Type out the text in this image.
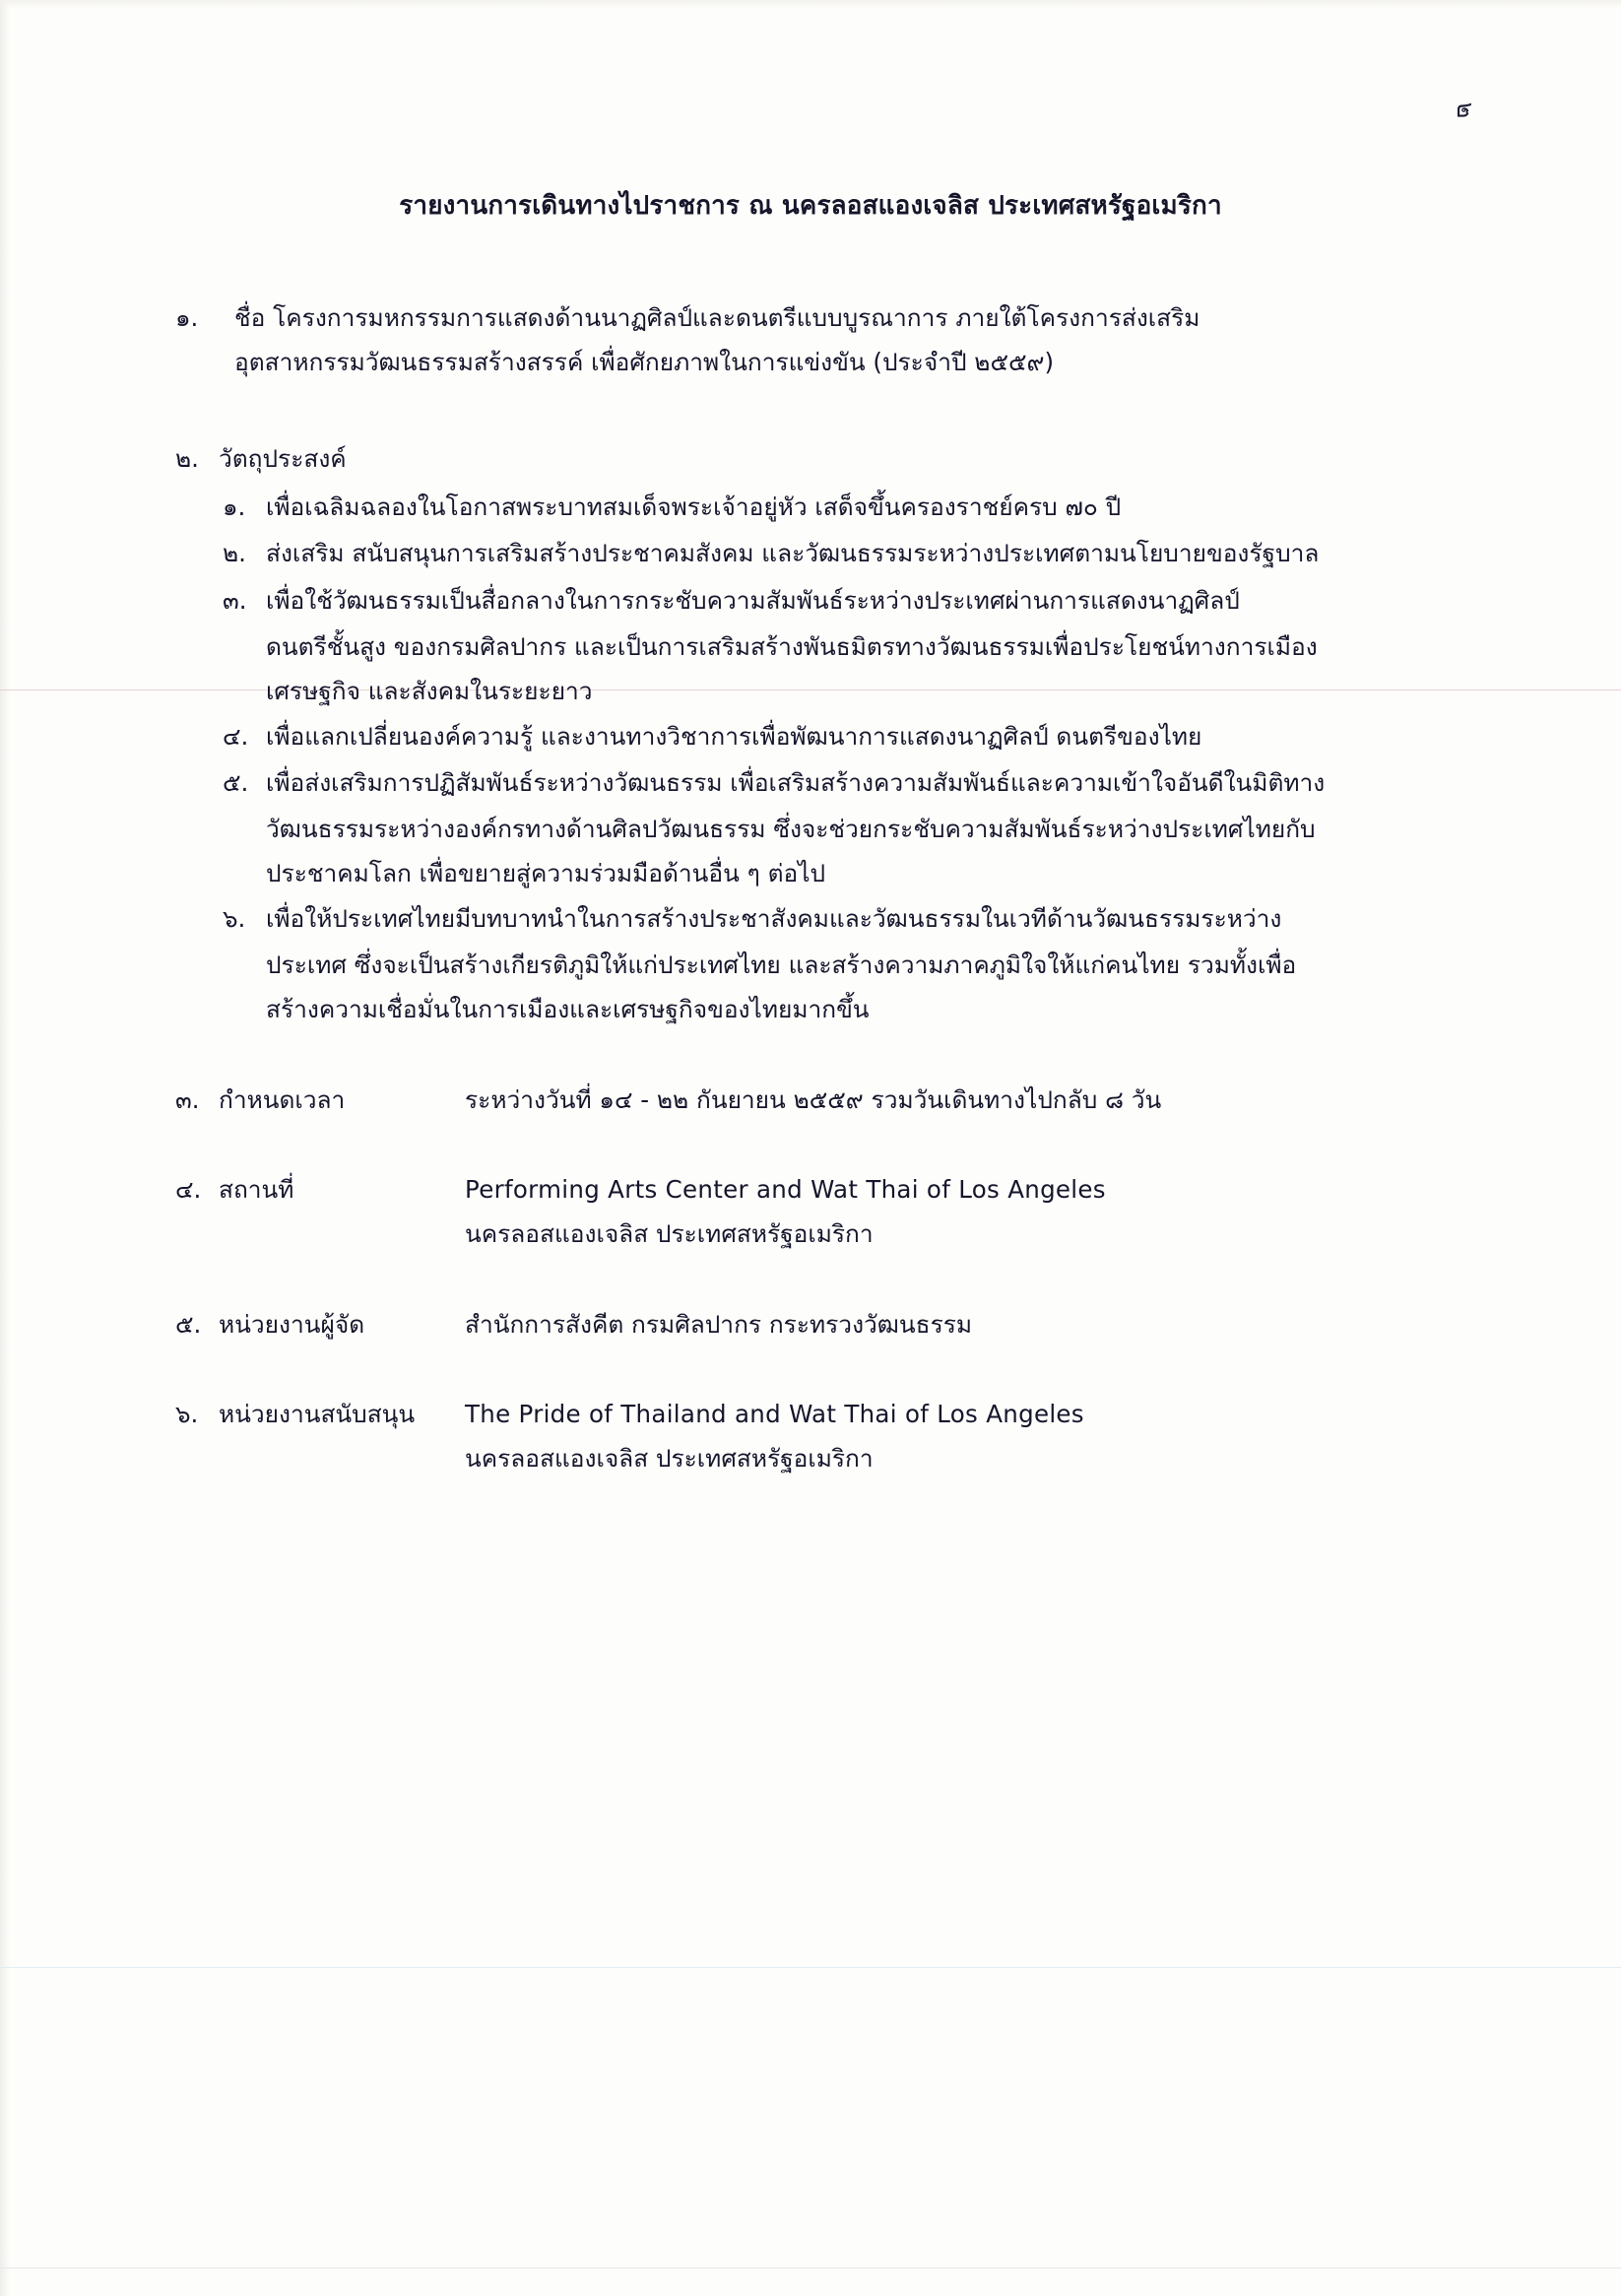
๒
รายงานการเดินทางไปราชการ ณ นครลอสแองเจลิส ประเทศสหรัฐอเมริกา
๑.	ชื่อ โครงการมหกรรมการแสดงด้านนาฏศิลป์และดนตรีแบบบูรณาการ ภายใต้โครงการส่งเสริม
อุตสาหกรรมวัฒนธรรมสร้างสรรค์ เพื่อศักยภาพในการแข่งขัน (ประจำปี ๒๕๕๙)
๒. วัตถุประสงค์
๑. เพื่อเฉลิมฉลองในโอกาสพระบาทสมเด็จพระเจ้าอยู่หัว เสด็จขึ้นครองราชย์ครบ ๗๐ ปี
๒. ส่งเสริม สนับสนุนการเสริมสร้างประชาคมสังคม และวัฒนธรรมระหว่างประเทศตามนโยบายของรัฐบาล
๓. เพื่อใช้วัฒนธรรมเป็นสื่อกลางในการกระชับความสัมพันธ์ระหว่างประเทศผ่านการแสดงนาฏศิลป์
ดนตรีชั้นสูง ของกรมศิลปากร และเป็นการเสริมสร้างพันธมิตรทางวัฒนธรรมเพื่อประโยชน์ทางการเมือง
เศรษฐกิจ และสังคมในระยะยาว
๔. เพื่อแลกเปลี่ยนองค์ความรู้ และงานทางวิชาการเพื่อพัฒนาการแสดงนาฏศิลป์ ดนตรีของไทย
๕. เพื่อส่งเสริมการปฏิสัมพันธ์ระหว่างวัฒนธรรม เพื่อเสริมสร้างความสัมพันธ์และความเข้าใจอันดีในมิติทาง
วัฒนธรรมระหว่างองค์กรทางด้านศิลปวัฒนธรรม ซึ่งจะช่วยกระชับความสัมพันธ์ระหว่างประเทศไทยกับ
ประชาคมโลก เพื่อขยายสู่ความร่วมมือด้านอื่น ๆ ต่อไป
๖. เพื่อให้ประเทศไทยมีบทบาทนำในการสร้างประชาสังคมและวัฒนธรรมในเวทีด้านวัฒนธรรมระหว่าง
ประเทศ ซึ่งจะเป็นสร้างเกียรติภูมิให้แก่ประเทศไทย และสร้างความภาคภูมิใจให้แก่คนไทย รวมทั้งเพื่อ
สร้างความเชื่อมั่นในการเมืองและเศรษฐกิจของไทยมากขึ้น
๓. กำหนดเวลา	ระหว่างวันที่ ๑๔ - ๒๒ กันยายน ๒๕๕๙ รวมวันเดินทางไปกลับ ๘ วัน
๔. สถานที่	Performing Arts Center and Wat Thai of Los Angeles
นครลอสแองเจลิส ประเทศสหรัฐอเมริกา
๕. หน่วยงานผู้จัด	สำนักการสังคีต กรมศิลปากร กระทรวงวัฒนธรรม
๖. หน่วยงานสนับสนุน	The Pride of Thailand and Wat Thai of Los Angeles
นครลอสแองเจลิส ประเทศสหรัฐอเมริกา
